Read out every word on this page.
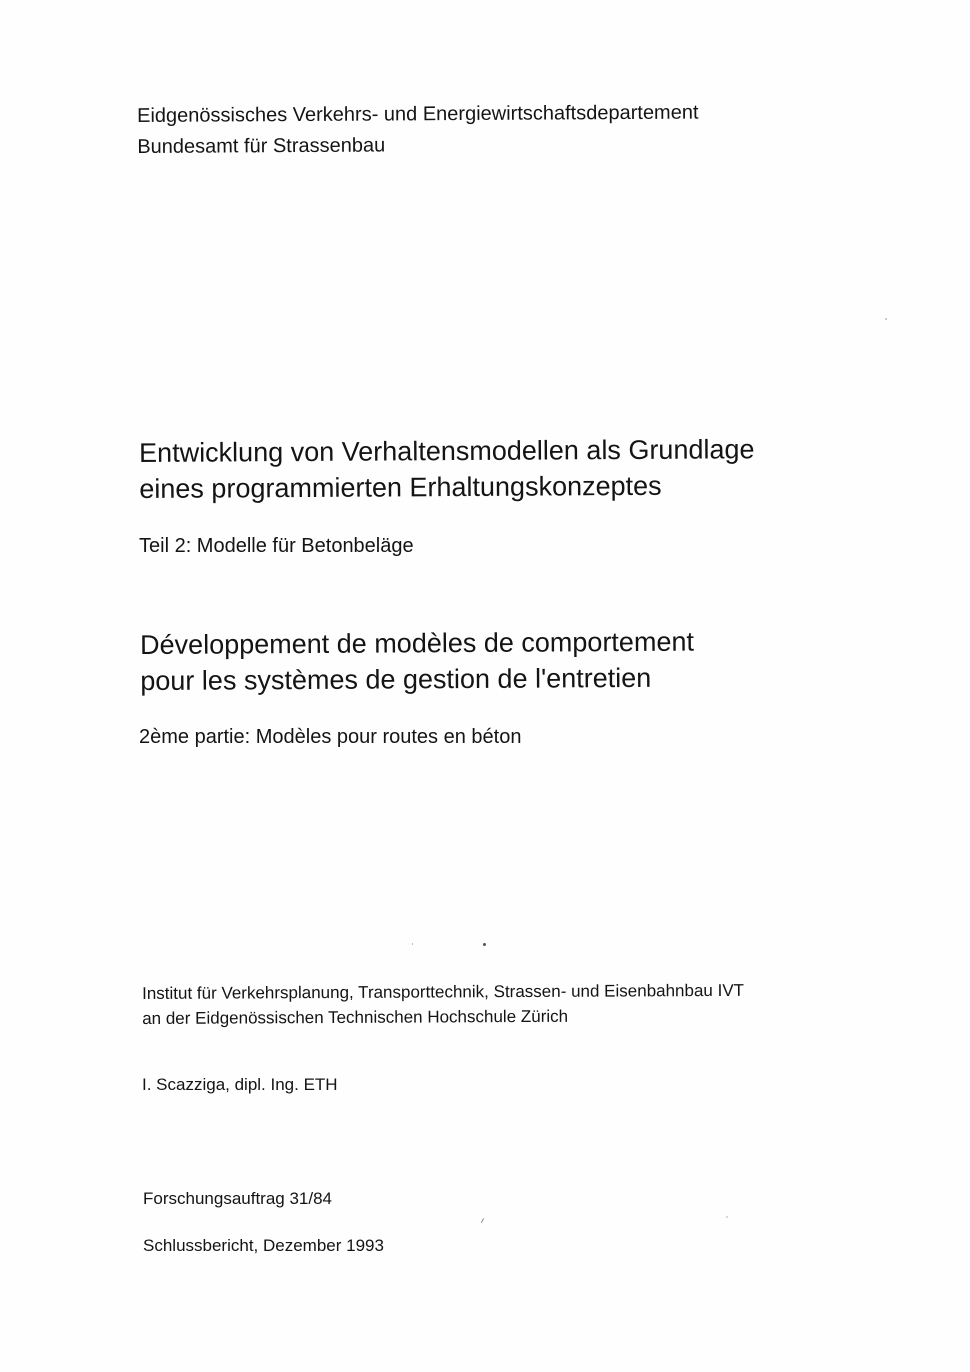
Eidgenössisches Verkehrs- und Energiewirtschaftsdepartement

Bundesamt für Strassenbau

Entwicklung von Verhaltensmodellen als Grundlage

eines programmierten Erhaltungskonzeptes

Teil 2: Modelle für Betonbeläge

Développement de modèles de comportement

pour les systèmes de gestion de l'entretien

2ème partie: Modèles pour routes en béton

Institut für Verkehrsplanung, Transporttechnik, Strassen- und Eisenbahnbau IVT

an der Eidgenössischen Technischen Hochschule Zürich

I. Scazziga, dipl. Ing. ETH

Forschungsauftrag 31/84

Schlussbericht, Dezember 1993
